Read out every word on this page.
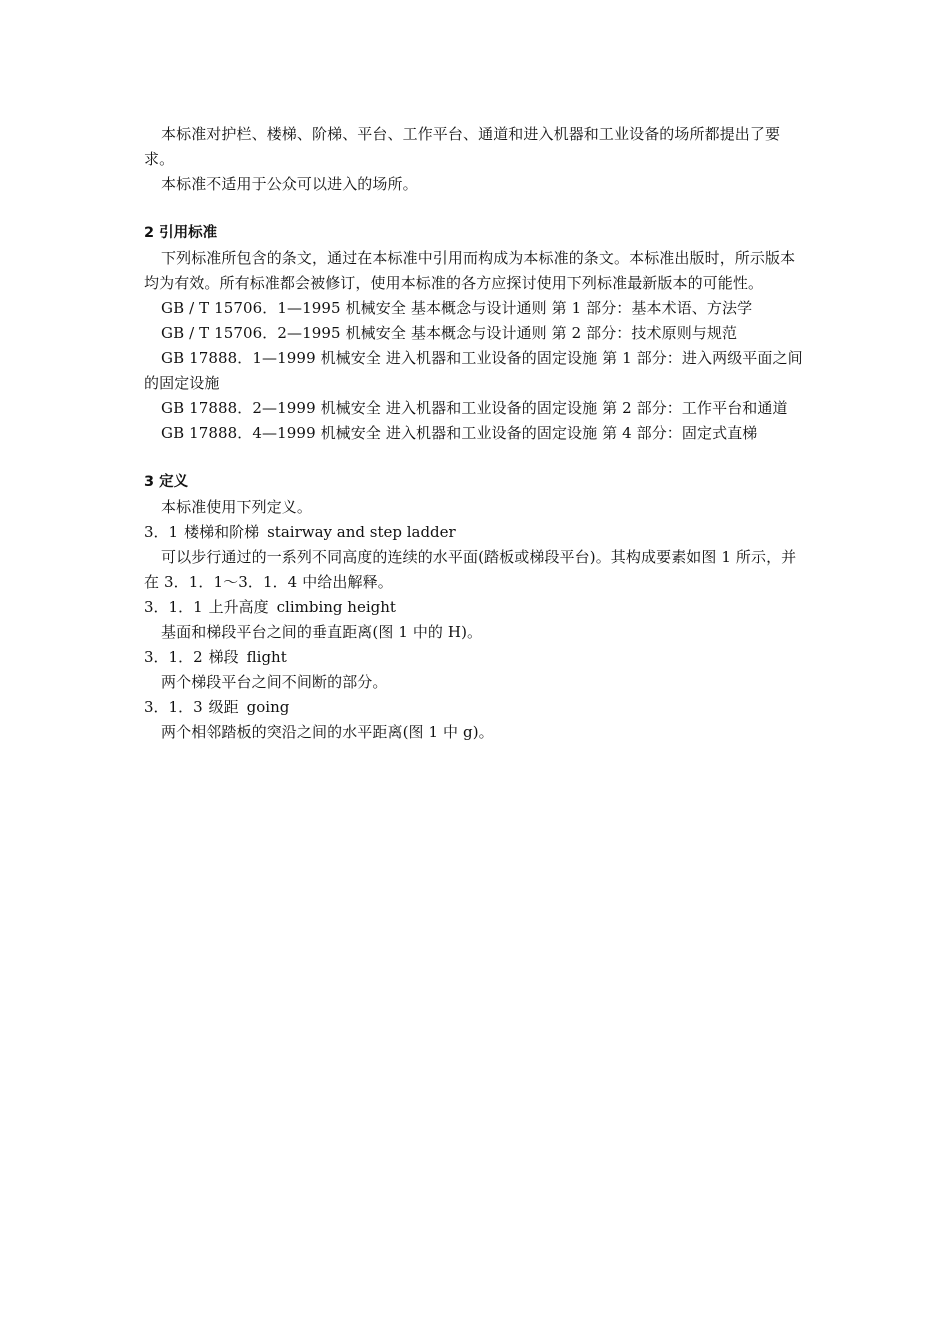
本标准对护栏、楼梯、阶梯、平台、工作平台、通道和进入机器和工业设备的场所都提出了要求。

本标准不适用于公众可以进入的场所。

2 引用标准

下列标准所包含的条文，通过在本标准中引用而构成为本标准的条文。本标准出版时，所示版本均为有效。所有标准都会被修订，使用本标准的各方应探讨使用下列标准最新版本的可能性。

GB / T 15706．1—1995 机械安全 基本概念与设计通则 第 1 部分：基本术语、方法学

GB / T 15706．2—1995 机械安全 基本概念与设计通则 第 2 部分：技术原则与规范

GB 17888．1—1999 机械安全 进入机器和工业设备的固定设施 第 1 部分：进入两级平面之间的固定设施

GB 17888．2—1999 机械安全 进入机器和工业设备的固定设施 第 2 部分：工作平台和通道

GB 17888．4—1999 机械安全 进入机器和工业设备的固定设施 第 4 部分：固定式直梯

3 定义

本标准使用下列定义。

3．1 楼梯和阶梯 stairway and step ladder

可以步行通过的一系列不同高度的连续的水平面(踏板或梯段平台)。其构成要素如图 1 所示，并在 3．1．1～3．1．4 中给出解释。

3．1．1 上升高度 climbing height

基面和梯段平台之间的垂直距离(图 1 中的 H)。

3．1．2 梯段 flight

两个梯段平台之间不间断的部分。

3．1．3 级距 going

两个相邻踏板的突沿之间的水平距离(图 1 中 g)。
